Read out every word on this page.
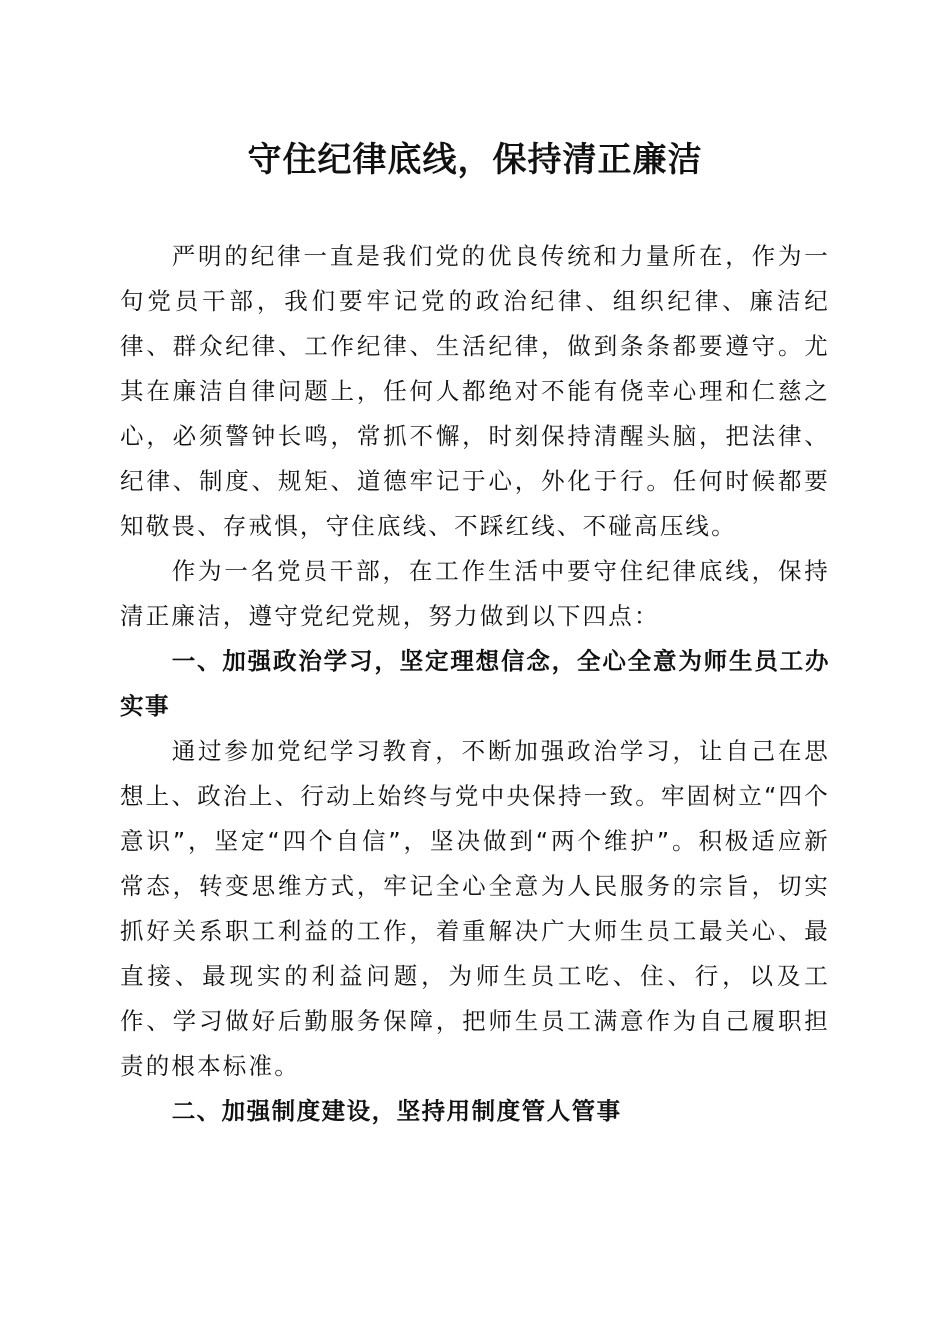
守住纪律底线，保持清正廉洁

严明的纪律一直是我们党的优良传统和力量所在，作为一句党员干部，我们要牢记党的政治纪律、组织纪律、廉洁纪律、群众纪律、工作纪律、生活纪律，做到条条都要遵守。尤其在廉洁自律问题上，任何人都绝对不能有侥幸心理和仁慈之心，必须警钟长鸣，常抓不懈，时刻保持清醒头脑，把法律、纪律、制度、规矩、道德牢记于心，外化于行。任何时候都要知敬畏、存戒惧，守住底线、不踩红线、不碰高压线。

作为一名党员干部，在工作生活中要守住纪律底线，保持清正廉洁，遵守党纪党规，努力做到以下四点：

一、加强政治学习，坚定理想信念，全心全意为师生员工办实事

通过参加党纪学习教育，不断加强政治学习，让自己在思想上、政治上、行动上始终与党中央保持一致。牢固树立“四个意识”，坚定“四个自信”，坚决做到“两个维护”。积极适应新常态，转变思维方式，牢记全心全意为人民服务的宗旨，切实抓好关系职工利益的工作，着重解决广大师生员工最关心、最直接、最现实的利益问题，为师生员工吃、住、行，以及工作、学习做好后勤服务保障，把师生员工满意作为自己履职担责的根本标准。

二、加强制度建设，坚持用制度管人管事
